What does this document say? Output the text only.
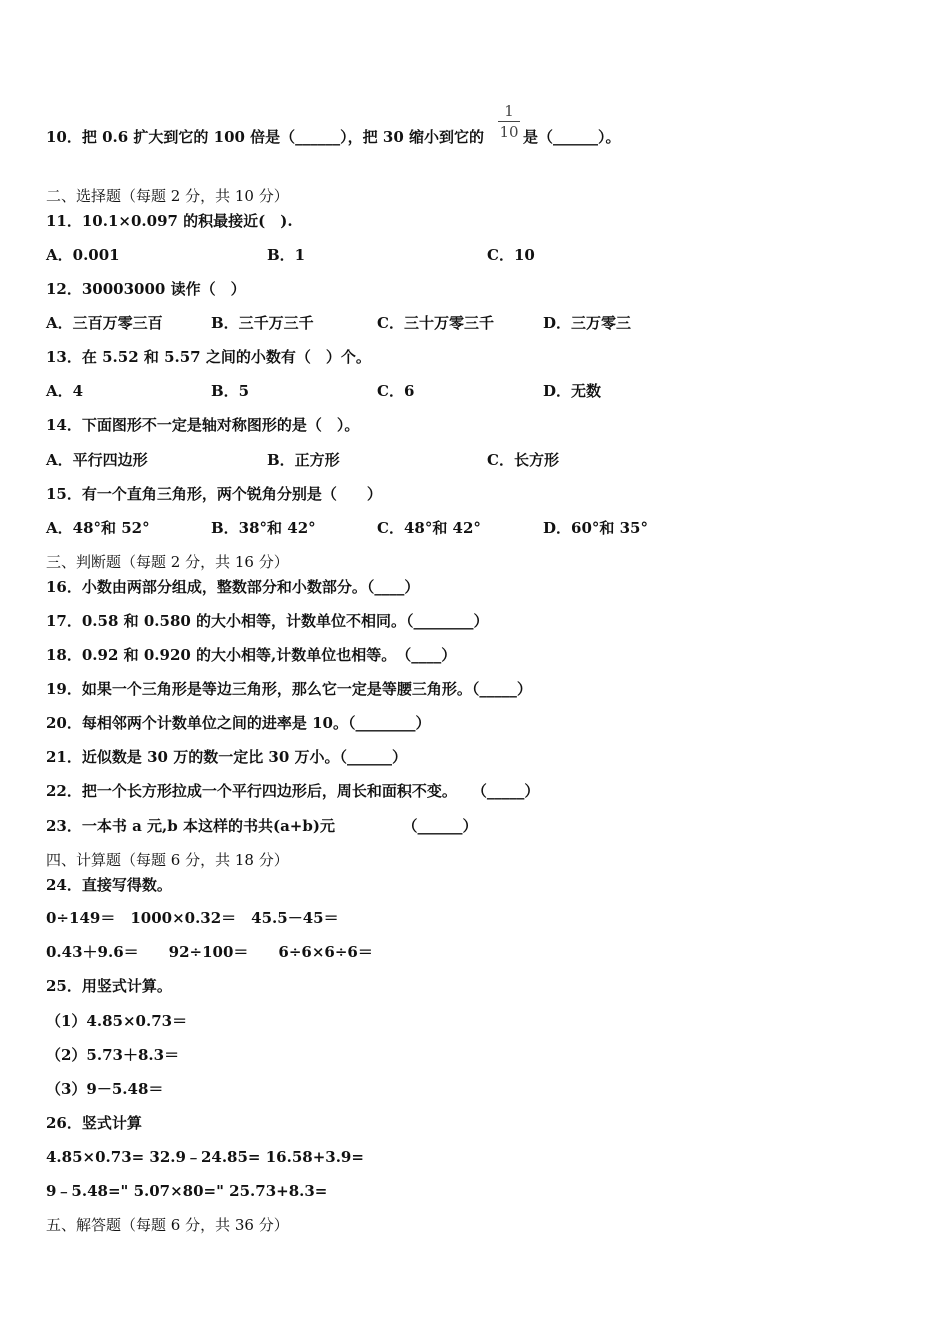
10．把 0.6 扩大到它的 100 倍是（______），把 30 缩小到它的
1
10 是（______）。
二、选择题（每题 2 分，共 10 分）
11．10.1×0.097 的积最接近(　).
A．0.001	B．1	C．10
12．30003000 读作（　）
A．三百万零三百	B．三千万三千	C．三十万零三千	D．三万零三
13．在 5.52 和 5.57 之间的小数有（　）个。
A．4	B．5	C．6	D．无数
14．下面图形不一定是轴对称图形的是（　）。
A．平行四边形	B．正方形	C．长方形
15．有一个直角三角形，两个锐角分别是（　　）
A．48°和 52°	B．38°和 42°	C．48°和 42°	D．60°和 35°
三、判断题（每题 2 分，共 16 分）
16．小数由两部分组成，整数部分和小数部分。（____）
17．0.58 和 0.580 的大小相等，计数单位不相同。（________）
18．0.92 和 0.920 的大小相等,计数单位也相等。　（____）
19．如果一个三角形是等边三角形，那么它一定是等腰三角形。（_____）
20．每相邻两个计数单位之间的进率是 10。（________）
21．近似数是 30 万的数一定比 30 万小。（______）
22．把一个长方形拉成一个平行四边形后，周长和面积不变。　　（_____）
23．一本书 a 元,b 本这样的书共(a+b)元　　　　　（______）
四、计算题（每题 6 分，共 18 分）
24．直接写得数。
0÷149＝　1000×0.32＝　45.5－45＝
0.43＋9.6＝　　92÷100＝　　6÷6×6÷6＝
25．用竖式计算。
（1）4.85×0.73＝
（2）5.73＋8.3＝
（3）9－5.48＝
26．竖式计算
4.85×0.73= 32.9﹣24.85= 16.58+3.9=
9﹣5.48=" 5.07×80=" 25.73+8.3=
五、解答题（每题 6 分，共 36 分）
